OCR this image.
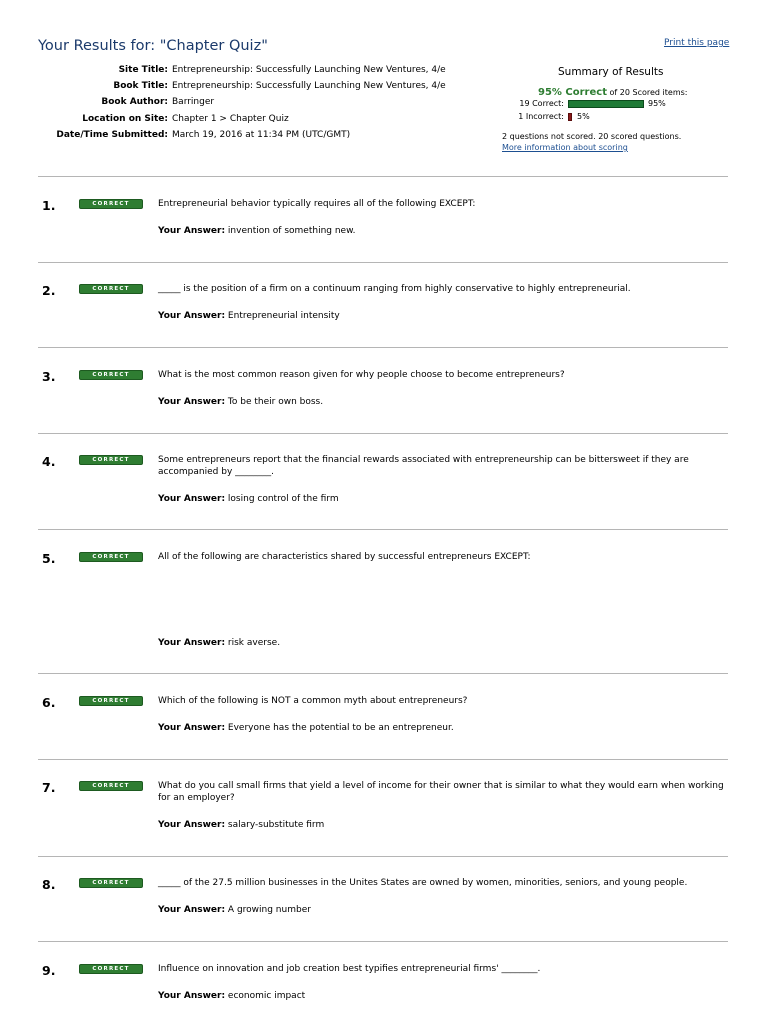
Your Results for: "Chapter Quiz"	Print this page
Site Title: Entrepreneurship: Successfully Launching New Ventures, 4/e
Book Title: Entrepreneurship: Successfully Launching New Ventures, 4/e
Book Author: Barringer
Location on Site: Chapter 1 > Chapter Quiz
Date/Time Submitted: March 19, 2016 at 11:34 PM (UTC/GMT)
Summary of Results
95% Correct of 20 Scored items:
19 Correct:	95%
1 Incorrect: 5%
2 questions not scored. 20 scored questions.
More information about scoring
1.	CORRECT	Entrepreneurial behavior typically requires all of the following EXCEPT:
Your Answer: invention of something new.
2.	CORRECT	_____ is the position of a firm on a continuum ranging from highly conservative to highly entrepreneurial.
Your Answer: Entrepreneurial intensity
3.	CORRECT	What is the most common reason given for why people choose to become entrepreneurs?
Your Answer: To be their own boss.
4.	CORRECT	Some entrepreneurs report that the financial rewards associated with entrepreneurship can be bittersweet if they are accompanied by ________.
Your Answer: losing control of the firm
5.	CORRECT	All of the following are characteristics shared by successful entrepreneurs EXCEPT:
Your Answer: risk averse.
6.	CORRECT	Which of the following is NOT a common myth about entrepreneurs?
Your Answer: Everyone has the potential to be an entrepreneur.
7.	CORRECT	What do you call small firms that yield a level of income for their owner that is similar to what they would earn when working for an employer?
Your Answer: salary-substitute firm
8.	CORRECT	_____ of the 27.5 million businesses in the Unites States are owned by women, minorities, seniors, and young people.
Your Answer: A growing number
9.	CORRECT	Influence on innovation and job creation best typifies entrepreneurial firms' ________.
Your Answer: economic impact
